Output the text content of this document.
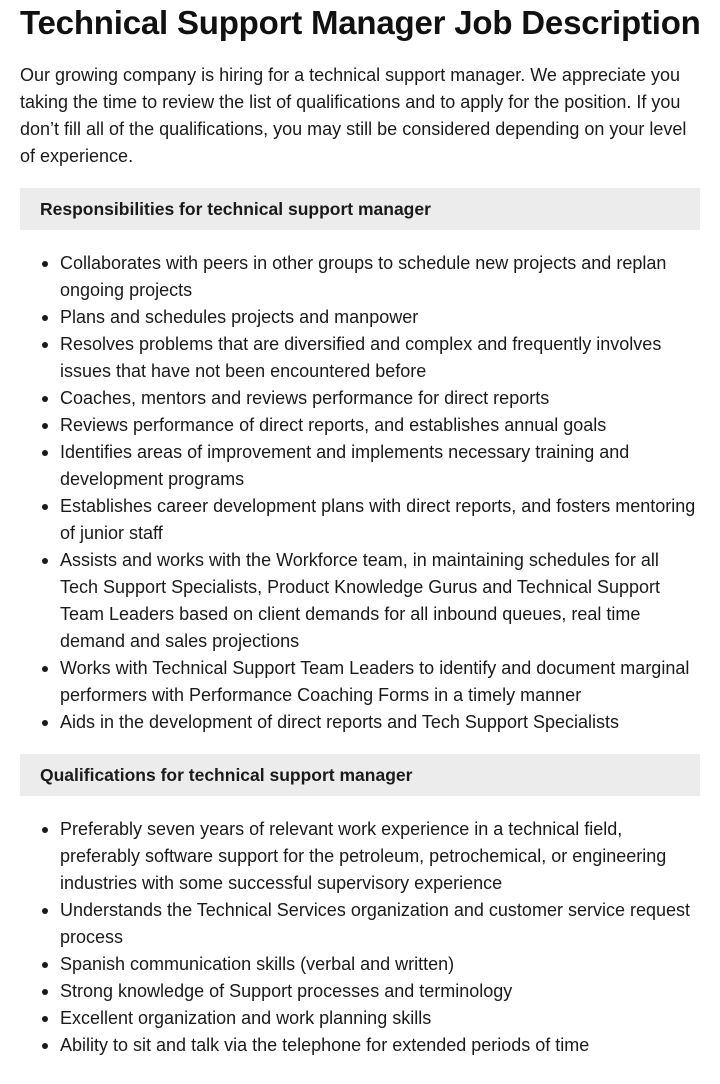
Technical Support Manager Job Description

Our growing company is hiring for a technical support manager. We appreciate you taking the time to review the list of qualifications and to apply for the position. If you don’t fill all of the qualifications, you may still be considered depending on your level of experience.

Responsibilities for technical support manager
Collaborates with peers in other groups to schedule new projects and replan ongoing projects
Plans and schedules projects and manpower
Resolves problems that are diversified and complex and frequently involves issues that have not been encountered before
Coaches, mentors and reviews performance for direct reports
Reviews performance of direct reports, and establishes annual goals
Identifies areas of improvement and implements necessary training and development programs
Establishes career development plans with direct reports, and fosters mentoring of junior staff
Assists and works with the Workforce team, in maintaining schedules for all Tech Support Specialists, Product Knowledge Gurus and Technical Support Team Leaders based on client demands for all inbound queues, real time demand and sales projections
Works with Technical Support Team Leaders to identify and document marginal performers with Performance Coaching Forms in a timely manner
Aids in the development of direct reports and Tech Support Specialists
Qualifications for technical support manager
Preferably seven years of relevant work experience in a technical field, preferably software support for the petroleum, petrochemical, or engineering industries with some successful supervisory experience
Understands the Technical Services organization and customer service request process
Spanish communication skills (verbal and written)
Strong knowledge of Support processes and terminology
Excellent organization and work planning skills
Ability to sit and talk via the telephone for extended periods of time
